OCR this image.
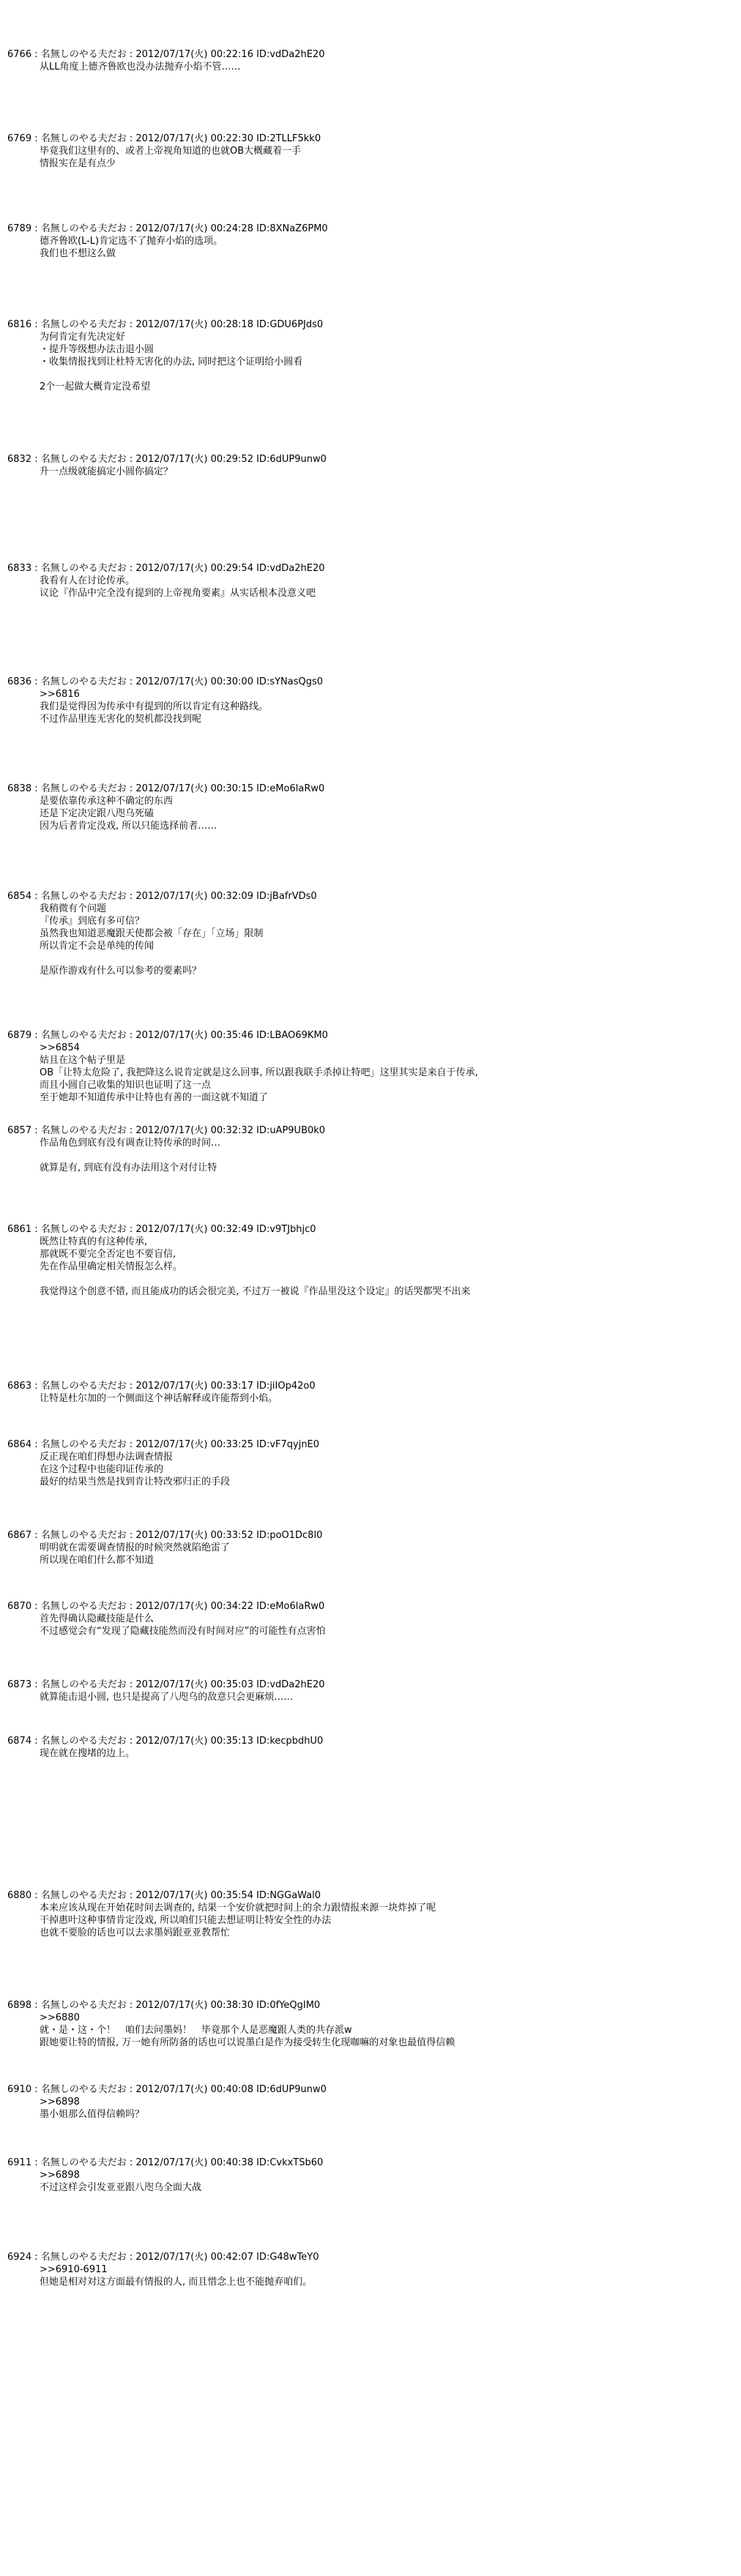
6766 : 名無しのやる夫だお : 2012/07/17(火) 00:22:16 ID:vdDa2hE20
从LL角度上德齐鲁欧也没办法抛弃小焰不管……
6769 : 名無しのやる夫だお : 2012/07/17(火) 00:22:30 ID:2TLLF5kk0
毕竟我们这里有的、或者上帝视角知道的也就OB大概藏着一手
情报实在是有点少
6789 : 名無しのやる夫だお : 2012/07/17(火) 00:24:28 ID:8XNaZ6PM0
德齐鲁欧(L-L)肯定选不了抛弃小焰的选项。
我们也不想这么做
6816 : 名無しのやる夫だお : 2012/07/17(火) 00:28:18 ID:GDU6PJds0
为何肯定有先决定好
・提升等级想办法击退小圆
・收集情报找到让杜特无害化的办法, 同时把这个证明给小圆看
2个一起做大概肯定没希望
6832 : 名無しのやる夫だお : 2012/07/17(火) 00:29:52 ID:6dUP9unw0
升一点级就能搞定小圆你搞定？
6833 : 名無しのやる夫だお : 2012/07/17(火) 00:29:54 ID:vdDa2hE20
我看有人在讨论传承。
议论『作品中完全没有提到的上帝视角要素』从实话根本没意义吧
6836 : 名無しのやる夫だお : 2012/07/17(火) 00:30:00 ID:sYNasQgs0
>>6816
我们是觉得因为传承中有提到的所以肯定有这种路线。
不过作品里连无害化的契机都没找到呢
6838 : 名無しのやる夫だお : 2012/07/17(火) 00:30:15 ID:eMo6laRw0
是要依靠传承这种不确定的东西
还是下定决定跟八咫乌死磕
因为后者肯定没戏, 所以只能选择前者……
6854 : 名無しのやる夫だお : 2012/07/17(火) 00:32:09 ID:jBafrVDs0
我稍微有个问题
『传承』到底有多可信？
虽然我也知道恶魔跟天使都会被「存在」「立场」限制
所以肯定不会是单纯的传闻
是原作游戏有什么可以参考的要素吗？
6879 : 名無しのやる夫だお : 2012/07/17(火) 00:35:46 ID:LBAO69KM0
>>6854
姑且在这个帖子里是
OB「让特太危险了, 我把降这么说肯定就是这么回事, 所以跟我联手杀掉让特吧」这里其实是来自于传承,
而且小圆自己收集的知识也证明了这一点
至于她却不知道传承中让特也有善的一面这就不知道了
6857 : 名無しのやる夫だお : 2012/07/17(火) 00:32:32 ID:uAP9UB0k0
作品角色到底有没有调查让特传承的时间…
就算是有, 到底有没有办法用这个对付让特
6861 : 名無しのやる夫だお : 2012/07/17(火) 00:32:49 ID:v9TJbhjc0
既然让特真的有这种传承,
那就既不要完全否定也不要盲信,
先在作品里确定相关情报怎么样。
我觉得这个创意不错, 而且能成功的话会很完美, 不过万一被说『作品里没这个设定』的话哭都哭不出来
6863 : 名無しのやる夫だお : 2012/07/17(火) 00:33:17 ID:jiIOp42o0
让特是杜尔加的一个侧面这个神话解释或许能帮到小焰。
6864 : 名無しのやる夫だお : 2012/07/17(火) 00:33:25 ID:vF7qyjnE0
反正现在咱们得想办法调查情报
在这个过程中也能印证传承的
最好的结果当然是找到肯让特改邪归正的手段
6867 : 名無しのやる夫だお : 2012/07/17(火) 00:33:52 ID:poO1Dc8l0
明明就在需要调查情报的时候突然就陷绝雷了
所以现在咱们什么都不知道
6870 : 名無しのやる夫だお : 2012/07/17(火) 00:34:22 ID:eMo6laRw0
首先得确认隐藏技能是什么
不过感觉会有“发现了隐藏技能然而没有时间对应”的可能性有点害怕
6873 : 名無しのやる夫だお : 2012/07/17(火) 00:35:03 ID:vdDa2hE20
就算能击退小圆, 也只是提高了八咫乌的敌意只会更麻烦……
6874 : 名無しのやる夫だお : 2012/07/17(火) 00:35:13 ID:kecpbdhU0
现在就在搜堵的边上。
6880 : 名無しのやる夫だお : 2012/07/17(火) 00:35:54 ID:NGGaWal0
本来应该从现在开始花时间去调查的, 结果一个安价就把时间上的余力跟情报来源一块炸掉了呢
干掉惠叶这种事情肯定没戏, 所以咱们只能去想证明让特安全性的办法
也就不要脸的话也可以去求墨妈跟亚亚教帮忙
6898 : 名無しのやる夫だお : 2012/07/17(火) 00:38:30 ID:0fYeQgIM0
>>6880
就・是・这・个！　咱们去问墨妈！　毕竟那个人是恶魔跟人类的共存派w
跟她要让特的情报, 万一她有所防备的话也可以说墨白是作为接受转生化现咖嘛的对象也最值得信赖
6910 : 名無しのやる夫だお : 2012/07/17(火) 00:40:08 ID:6dUP9unw0
>>6898
墨小姐那么值得信赖吗？
6911 : 名無しのやる夫だお : 2012/07/17(火) 00:40:38 ID:CvkxTSb60
>>6898
不过这样会引发亚亚跟八咫乌全面大战
6924 : 名無しのやる夫だお : 2012/07/17(火) 00:42:07 ID:G48wTeY0
>>6910-6911
但她是相对対这方面最有情报的人, 而且惜念上也不能抛弃咱们。
